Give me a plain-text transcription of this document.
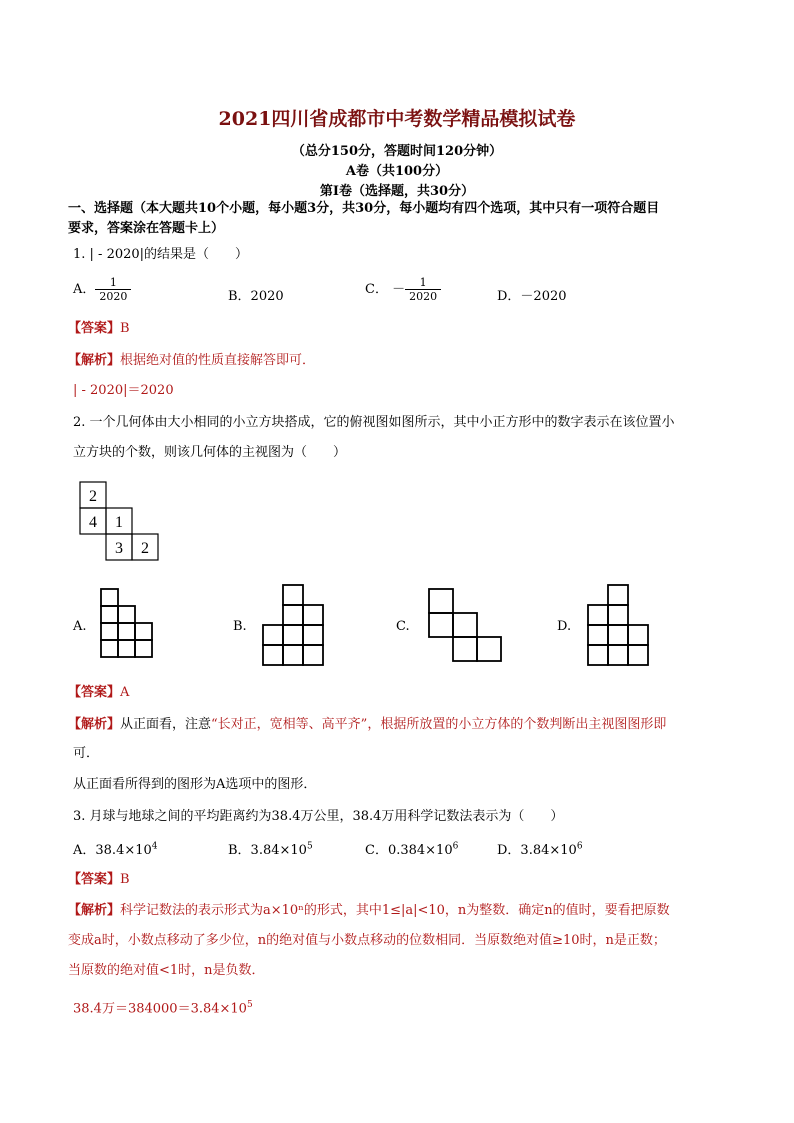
2021四川省成都市中考数学精品模拟试卷
（总分150分，答题时间120分钟）
A卷（共100分）
第Ⅰ卷（选择题，共30分）
一、选择题（本大题共10个小题，每小题3分，共30分，每小题均有四个选项，其中只有一项符合题目
要求，答案涂在答题卡上）
1. | - 2020|的结果是（　　）
A． $\frac{1}{2020}$	B．2020	C． － $\frac{1}{2020}$	D．－2020
【答案】B
【解析】根据绝对值的性质直接解答即可．
| - 2020|＝2020
2. 一个几何体由大小相同的小立方块搭成，它的俯视图如图所示，其中小正方形中的数字表示在该位置小
立方块的个数，则该几何体的主视图为（　　）
2
4 1
3 2
A.	B.	C.	D.
【答案】A
【解析】从正面看，注意“长对正，宽相等、高平齐”，根据所放置的小立方体的个数判断出主视图图形即
可．
从正面看所得到的图形为A选项中的图形．
3. 月球与地球之间的平均距离约为38.4万公里，38.4万用科学记数法表示为（　　）
A．$38.4\times 10^4$	B．$3.84\times 10^5$	C．$0.384\times 10^6$	D．$3.84\times 10^6$
【答案】B
【解析】科学记数法的表示形式为a×10ⁿ的形式，其中1≤|a|<10，n为整数．确定n的值时，要看把原数
变成a时，小数点移动了多少位，n的绝对值与小数点移动的位数相同．当原数绝对值≥10时，n是正数；
当原数的绝对值<1时，n是负数．
38.4万$=384000=3.84\times 10^5$
